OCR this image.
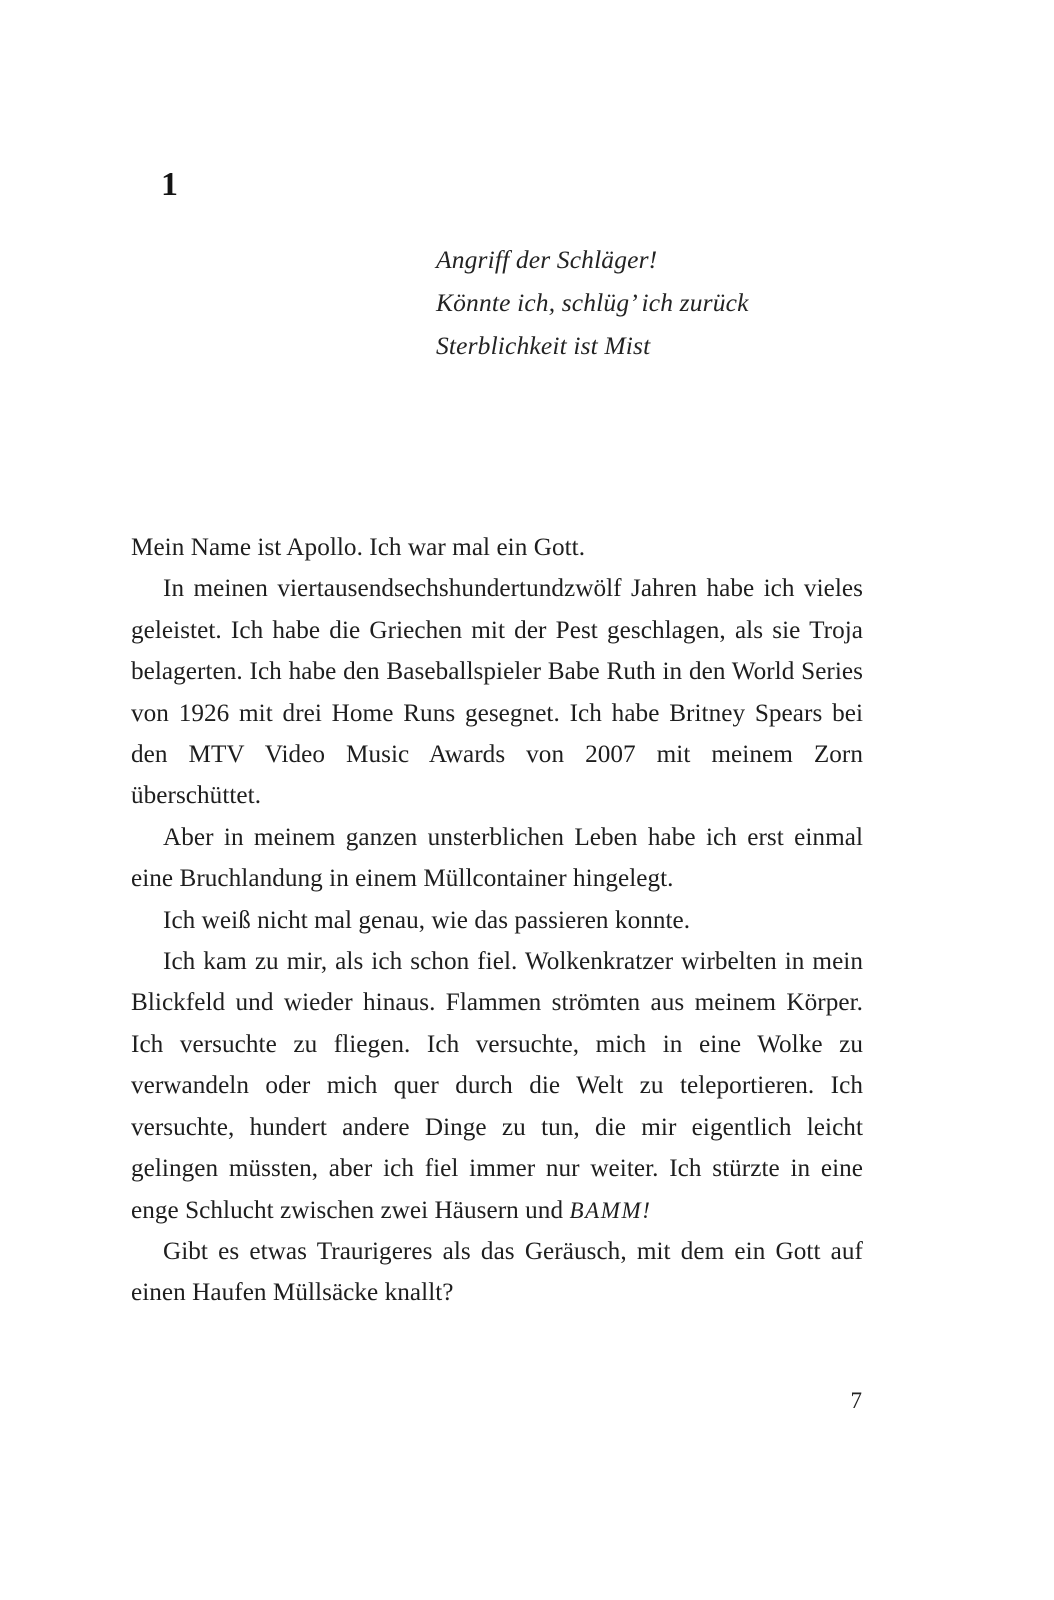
1
Angriff der Schläger!
Könnte ich, schlüg’ ich zurück
Sterblichkeit ist Mist

Mein Name ist Apollo. Ich war mal ein Gott.

In meinen viertausendsechshundertundzwölf Jahren habe ich vieles geleistet. Ich habe die Griechen mit der Pest geschlagen, als sie Troja belagerten. Ich habe den Baseballspieler Babe Ruth in den World Series von 1926 mit drei Home Runs gesegnet. Ich habe Britney Spears bei den MTV Video Music Awards von 2007 mit meinem Zorn überschüttet.

Aber in meinem ganzen unsterblichen Leben habe ich erst einmal eine Bruchlandung in einem Müllcontainer hingelegt.

Ich weiß nicht mal genau, wie das passieren konnte.

Ich kam zu mir, als ich schon fiel. Wolkenkratzer wirbelten in mein Blickfeld und wieder hinaus. Flammen strömten aus meinem Körper. Ich versuchte zu fliegen. Ich versuchte, mich in eine Wolke zu verwandeln oder mich quer durch die Welt zu teleportieren. Ich versuchte, hundert andere Dinge zu tun, die mir eigentlich leicht gelingen müssten, aber ich fiel immer nur weiter. Ich stürzte in eine enge Schlucht zwischen zwei Häusern und BAMM!

Gibt es etwas Traurigeres als das Geräusch, mit dem ein Gott auf einen Haufen Müllsäcke knallt?

7
